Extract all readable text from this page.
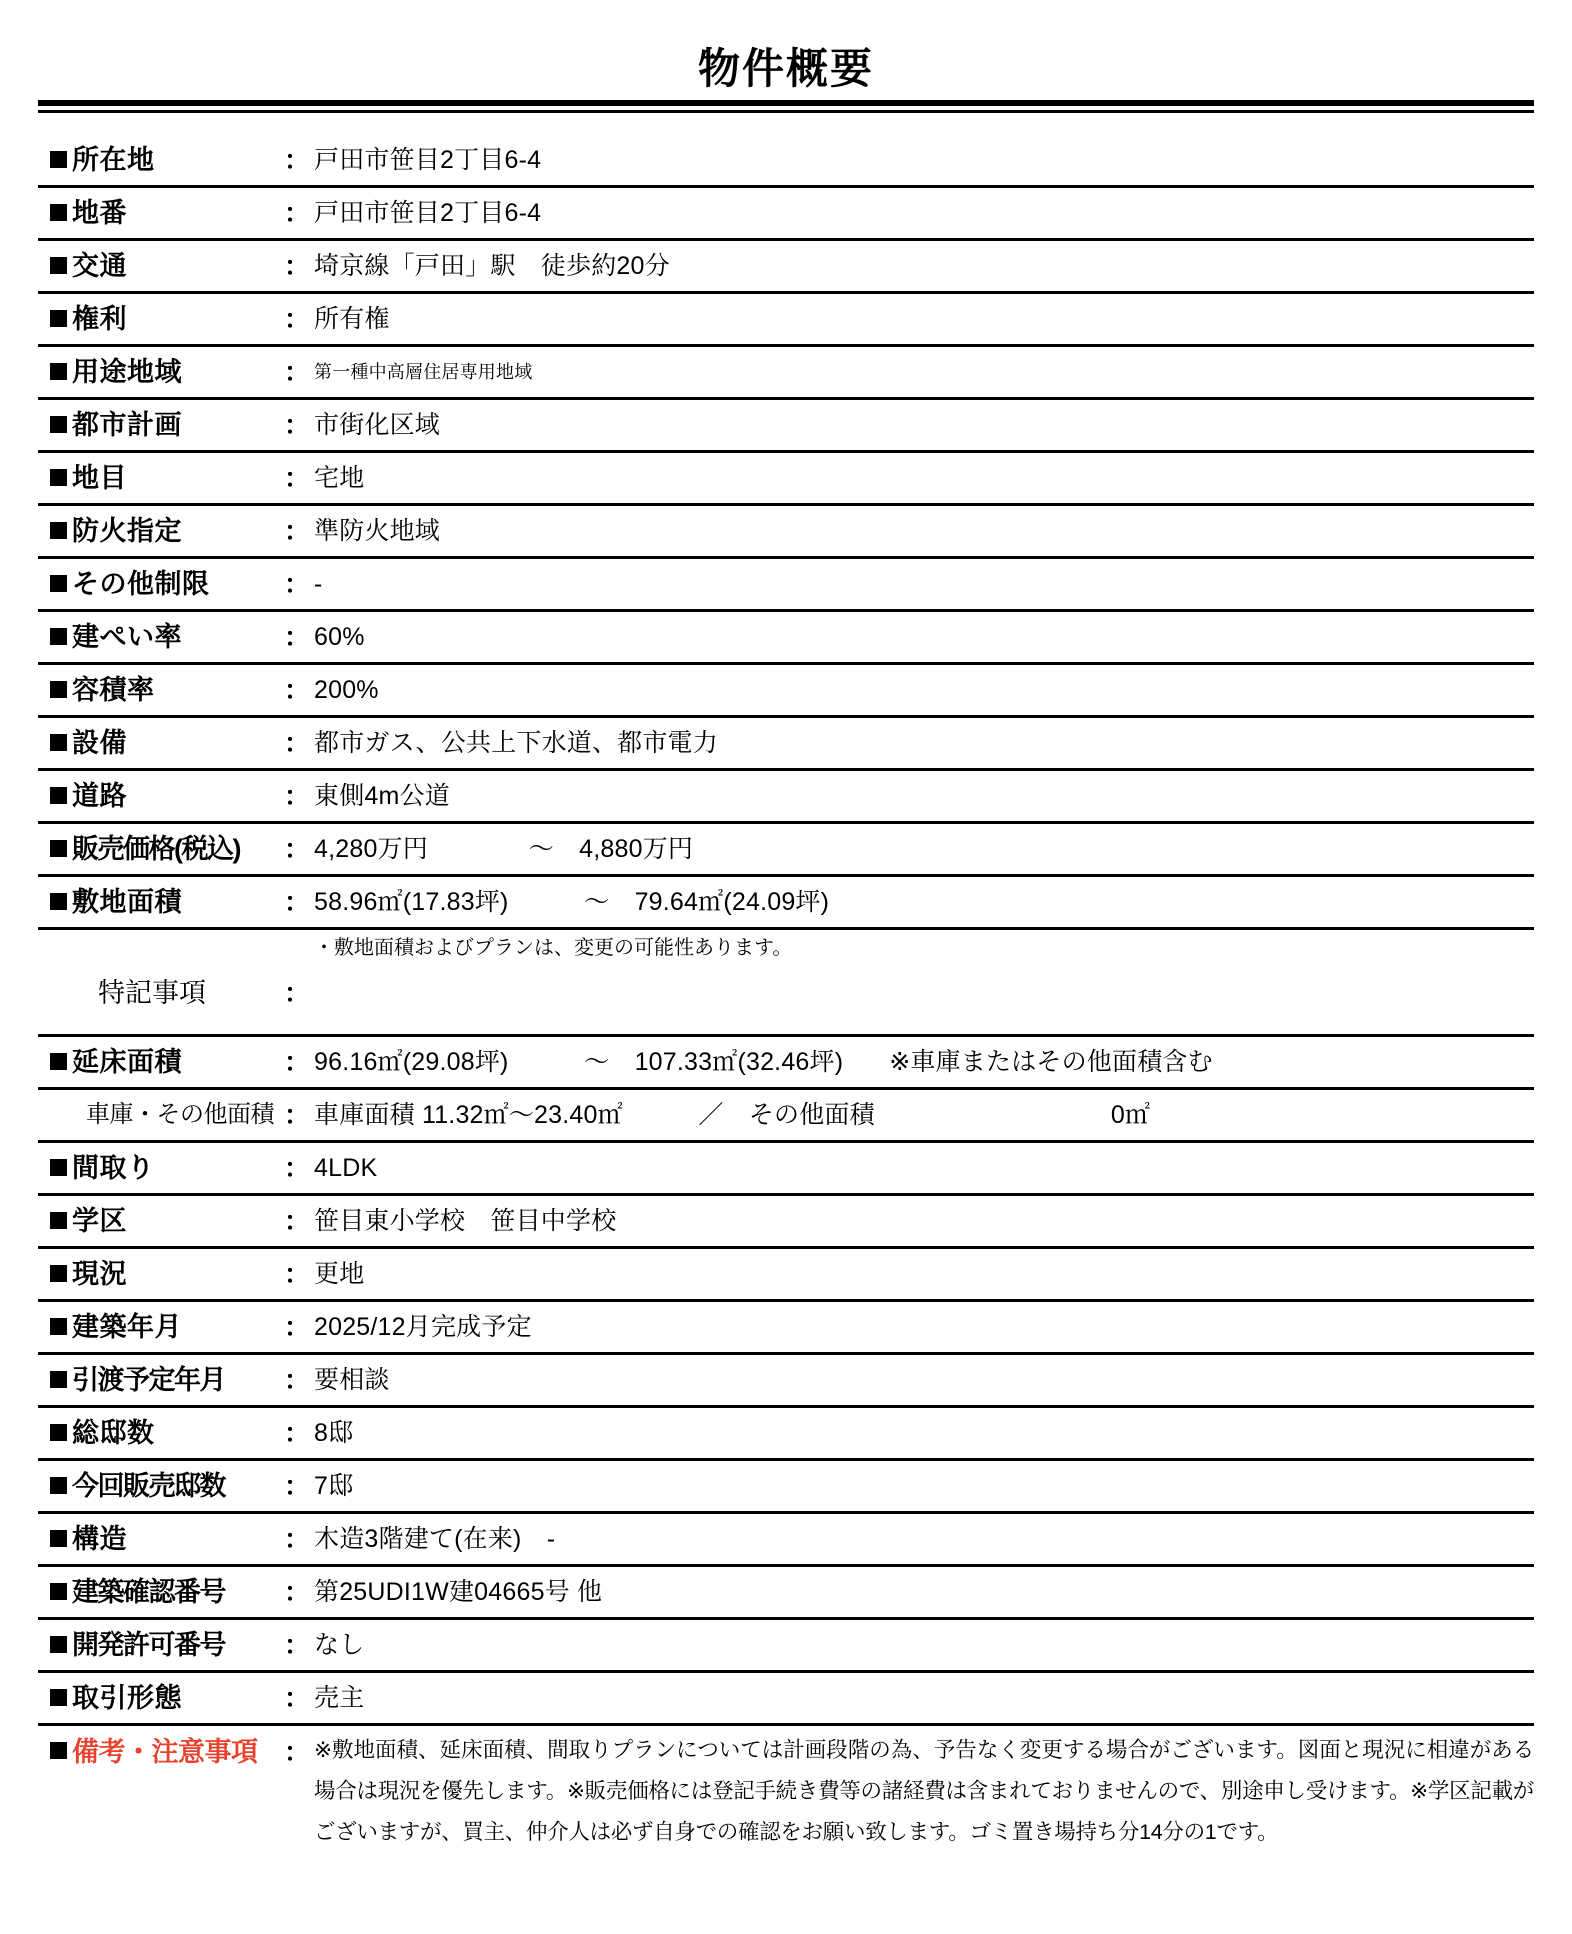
物件概要
	所在地	：	戸田市笹目2丁目6-4
	地番	：	戸田市笹目2丁目6-4
	交通	：	埼京線「戸田」駅　徒歩約20分
	権利	：	所有権
	用途地域	：	第一種中高層住居専用地域
	都市計画	：	市街化区域
	地目	：	宅地
	防火指定	：	準防火地域
	その他制限	：	-
	建ぺい率	：	60%
	容積率	：	200%
	設備	：	都市ガス、公共上下水道、都市電力
	道路	：	東側4m公道
	販売価格(税込)	：	4,280万円　　　　〜　4,880万円
	敷地面積	：	58.96㎡(17.83坪)　　　〜　79.64㎡(24.09坪)

	特記事項	：	・敷地面積およびプランは、変更の可能性あります。
	延床面積	：	96.16㎡(29.08坪)　　　〜　107.33㎡(32.46坪) ※車庫またはその他面積含む
	車庫・その他面積	：	車庫面積 11.32㎡〜23.40㎡　　　／　その他面積 0㎡
	間取り	：	4LDK
	学区	：	笹目東小学校　笹目中学校
	現況	：	更地
	建築年月	：	2025/12月完成予定
	引渡予定年月	：	要相談
	総邸数	：	8邸
	今回販売邸数	：	7邸
	構造	：	木造3階建て(在来)　-
	建築確認番号	：	第25UDI1W建04665号 他
	開発許可番号	：	なし
	取引形態	：	売主

	備考・注意事項	：	※敷地面積、延床面積、間取りプランについては計画段階の為、予告なく変更する場合がございます。図面と現況に相違がある場合は現況を優先します。※販売価格には登記手続き費等の諸経費は含まれておりませんので、別途申し受けます。※学区記載がございますが、買主、仲介人は必ず自身での確認をお願い致します。ゴミ置き場持ち分14分の1です。
